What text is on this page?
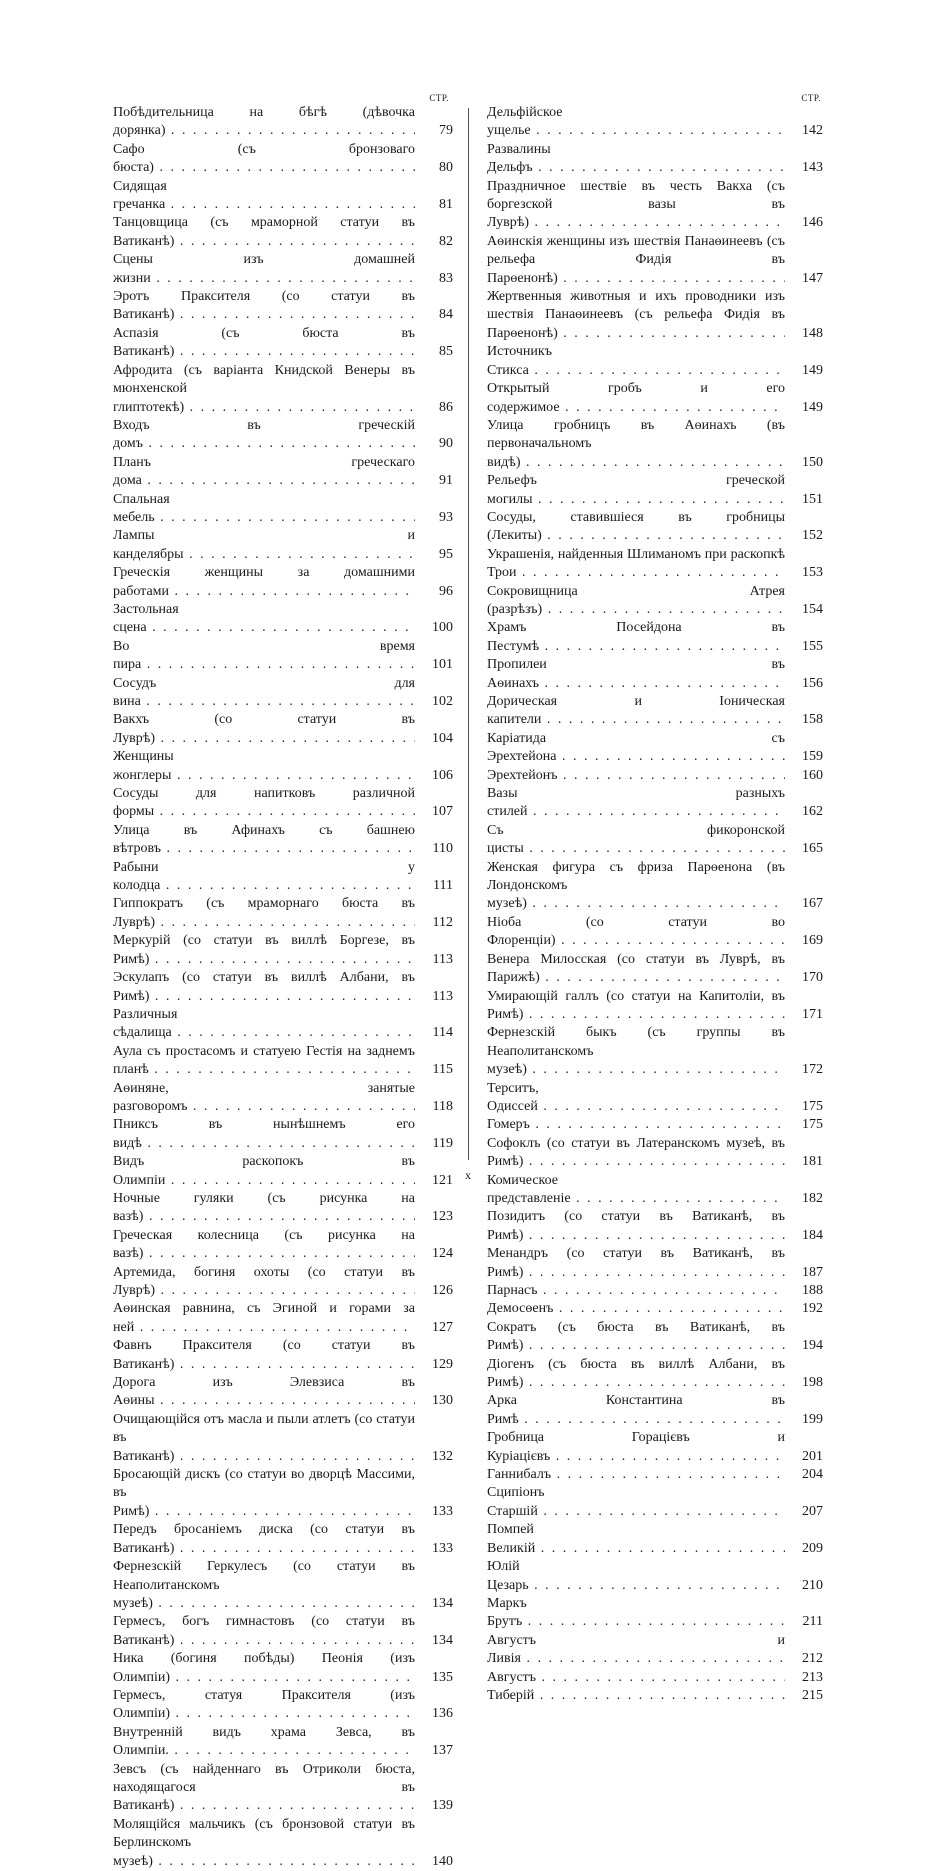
СТР.
Побѣдительница на бѣгѣ (дѣвочка дорянка) . . .	79
Сафо (съ бронзоваго бюста) . . .	80
Сидящая гречанка . . .	81
Танцовщица (съ мраморной статуи въ Ватиканѣ) . . .	82
Сцены изъ домашней жизни . . .	83
Эротъ Праксителя (со статуи въ Ватиканѣ) . . .	84
Аспазія (съ бюста въ Ватиканѣ) . . .	85
Афродита (съ варіанта Книдской Венеры въ мюнхенской глиптотекѣ) . . .	86
Входъ въ греческій домъ . . .	90
Планъ греческаго дома . . .	91
Спальная мебель . . .	93
Лампы и канделябры . . .	95
Греческія женщины за домашними работами . . .	96
Застольная сцена . . .	100
Во время пира . . .	101
Сосудъ для вина . . .	102
Вакхъ (со статуи въ Луврѣ) . . .	104
Женщины жонглеры . . .	106
Сосуды для напитковъ различной формы . . .	107
Улица въ Афинахъ съ башнею вѣтровъ . . .	110
Рабыни у колодца . . .	111
Гиппократъ (съ мраморнаго бюста въ Луврѣ) . . .	112
Меркурій (со статуи въ виллѣ Боргезе, въ Римѣ) . . .	113
Эскулапъ (со статуи въ виллѣ Албани, въ Римѣ) . . .	113
Различныя сѣдалища . . .	114
Аула съ простасомъ и статуею Гестія на заднемъ планѣ . . .	115
Аѳиняне, занятые разговоромъ . . .	118
Пниксъ въ нынѣшнемъ его видѣ . . .	119
Видъ раскопокъ въ Олимпіи . . .	121
Ночные гуляки (съ рисунка на вазѣ) . . .	123
Греческая колесница (съ рисунка на вазѣ) . . .	124
Артемида, богиня охоты (со статуи въ Луврѣ) . . .	126
Аѳинская равнина, съ Эгиной и горами за ней . . .	127
Фавнъ Праксителя (со статуи въ Ватиканѣ) . . .	129
Дорога изъ Элевзиса въ Аѳины . . .	130
Очищающійся отъ масла и пыли атлетъ (со статуи въ Ватиканѣ) . . .	132
Бросающій дискъ (со статуи во дворцѣ Массими, въ Римѣ) . . .	133
Передъ бросаніемъ диска (со статуи въ Ватиканѣ) . . .	133
Фернезскій Геркулесъ (со статуи въ Неаполитанскомъ музеѣ) . . .	134
Гермесъ, богъ гимнастовъ (со статуи въ Ватиканѣ) . . .	134
Ника (богиня побѣды) Пеонія (изъ Олимпіи) . . .	135
Гермесъ, статуя Праксителя (изъ Олимпіи) . . .	136
Внутренній видъ храма Зевса, въ Олимпіи. . . .	137
Зевсъ (съ найденнаго въ Отриколи бюста, находящагося въ Ватиканѣ) . . .	139
Молящійся мальчикъ (съ бронзовой статуи въ Берлинскомъ музеѣ) . . .	140
СТР.
Дельфійское ущелье . . .	142
Развалины Дельфъ . . .	143
Праздничное шествіе въ честь Вакха (съ боргезской вазы въ Луврѣ) . . .	146
Аѳинскія женщины изъ шествія Панаѳинеевъ (съ рельефа Фидія въ Парѳенонѣ) . . .	147
Жертвенныя животныя и ихъ проводники изъ шествія Панаѳинеевъ (съ рельефа Фидія въ Парѳенонѣ) . . .	148
Источникъ Стикса . . .	149
Открытый гробъ и его содержимое . . .	149
Улица гробницъ въ Аѳинахъ (въ первоначальномъ видѣ) . . .	150
Рельефъ греческой могилы . . .	151
Сосуды, ставившіеся въ гробницы (Лекиты) . . .	152
Украшенія, найденныя Шлиманомъ при раскопкѣ Трои . . .	153
Сокровищница Атрея (разрѣзъ) . . .	154
Храмъ Посейдона въ Пестумѣ . . .	155
Пропилеи въ Аѳинахъ . . .	156
Дорическая и Іоническая капители . . .	158
Каріатида съ Эрехтейона . . .	159
Эрехтейонъ . . .	160
Вазы разныхъ стилей . . .	162
Съ фикоронской цисты . . .	165
Женская фигура съ фриза Парѳенона (въ Лондонскомъ музеѣ) . . .	167
Ніоба (со статуи во Флоренціи) . . .	169
Венера Милосская (со статуи въ Луврѣ, въ Парижѣ) . . .	170
Умирающій галлъ (со статуи на Капитоліи, въ Римѣ) . . .	171
Фернезскій быкъ (съ группы въ Неаполитанскомъ музеѣ) . . .	172
Терситъ, Одиссей . . .	175
Гомеръ . . .	175
Софоклъ (со статуи въ Латеранскомъ музеѣ, въ Римѣ) . . .	181
Комическое представленіе . . .	182
Позидитъ (со статуи въ Ватиканѣ, въ Римѣ) . . .	184
Менандръ (со статуи въ Ватиканѣ, въ Римѣ) . . .	187
Парнасъ . . .	188
Демосѳенъ . . .	192
Сократъ (съ бюста въ Ватиканѣ, въ Римѣ) . . .	194
Діогенъ (съ бюста въ виллѣ Албани, въ Римѣ) . . .	198
Арка Константина въ Римѣ . . .	199
Гробница Горацієвъ и Куріацієвъ . . .	201
Ганнибалъ . . .	204
Сципіонъ Старшій . . .	207
Помпей Великій . . .	209
Юлій Цезарь . . .	210
Маркъ Брутъ . . .	211
Августъ и Ливія . . .	212
Августъ . . .	213
Тиберій . . .	215
x
